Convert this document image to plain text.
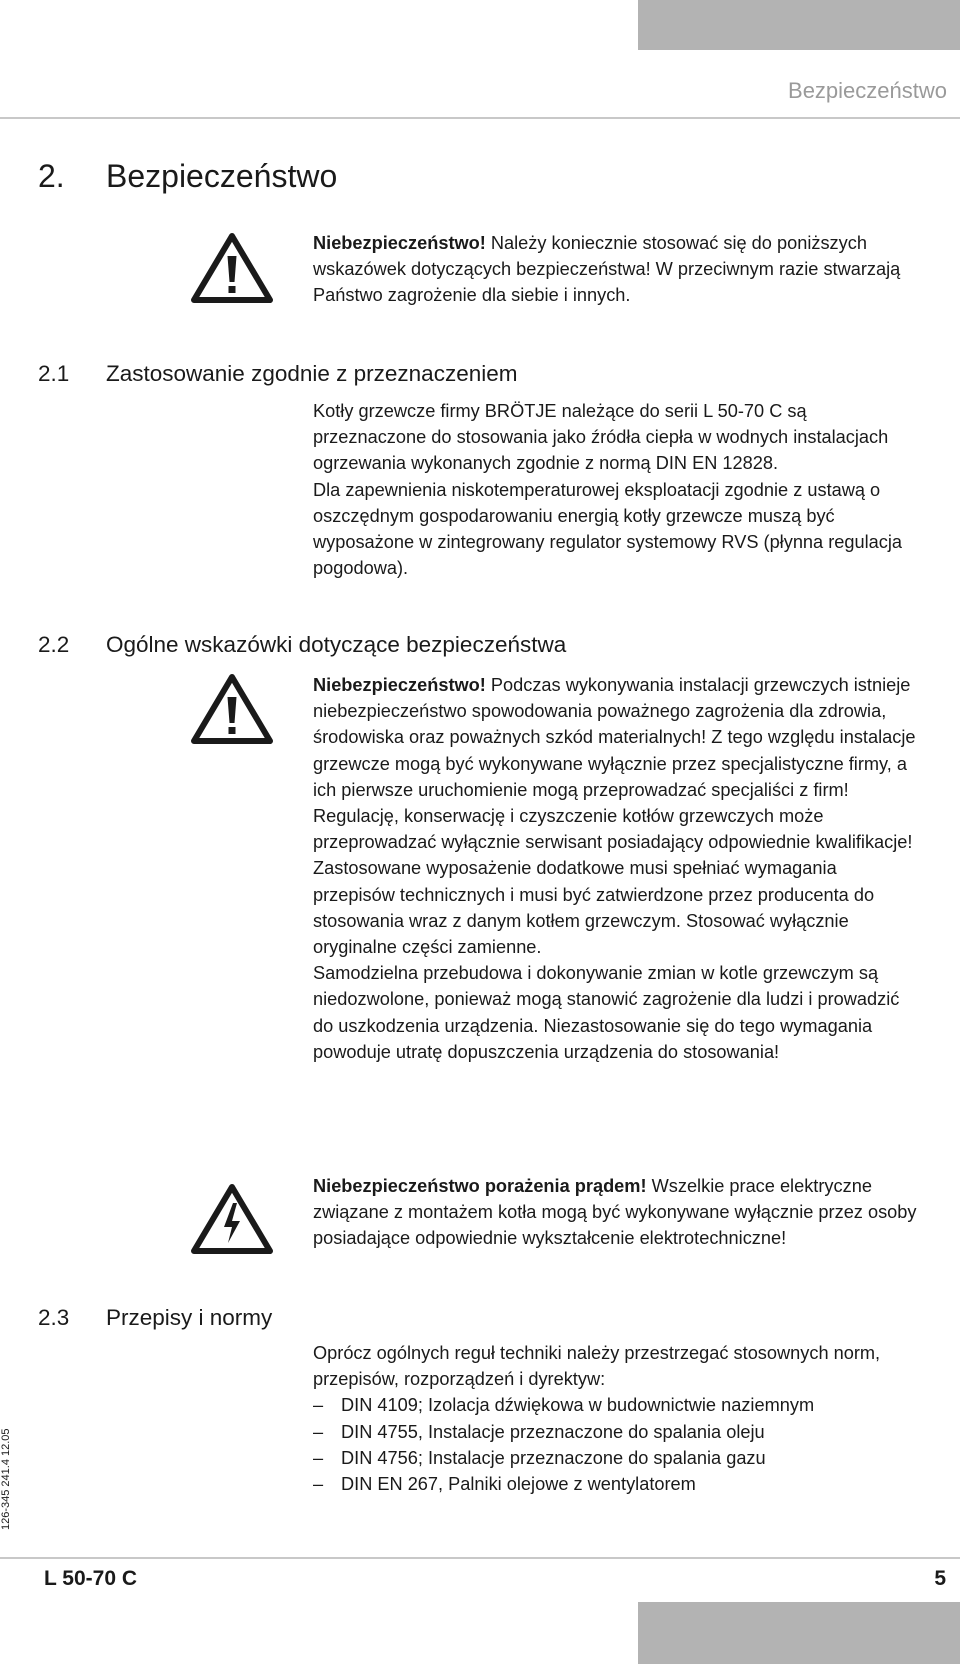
Bezpieczeństwo
2. Bezpieczeństwo

Niebezpieczeństwo! Należy koniecznie stosować się do poniższych wskazówek dotyczących bezpieczeństwa! W przeciwnym razie stwarzają Państwo zagrożenie dla siebie i innych.

2.1 Zastosowanie zgodnie z przeznaczeniem

Kotły grzewcze firmy BRÖTJE należące do serii L 50-70 C są przeznaczone do stosowania jako źródła ciepła w wodnych instalacjach ogrzewania wykonanych zgodnie z normą DIN EN 12828.

Dla zapewnienia niskotemperaturowej eksploatacji zgodnie z ustawą o oszczędnym gospodarowaniu energią kotły grzewcze muszą być wyposażone w zintegrowany regulator systemowy RVS (płynna regulacja pogodowa).

2.2 Ogólne wskazówki dotyczące bezpieczeństwa

Niebezpieczeństwo! Podczas wykonywania instalacji grzewczych istnieje niebezpieczeństwo spowodowania poważnego zagrożenia dla zdrowia, środowiska oraz poważnych szkód materialnych! Z tego względu instalacje grzewcze mogą być wykonywane wyłącznie przez specjalistyczne firmy, a ich pierwsze uruchomienie mogą przeprowadzać specjaliści z firm!

Regulację, konserwację i czyszczenie kotłów grzewczych może przeprowadzać wyłącznie serwisant posiadający odpowiednie kwalifikacje!

Zastosowane wyposażenie dodatkowe musi spełniać wymagania przepisów technicznych i musi być zatwierdzone przez producenta do stosowania wraz z danym kotłem grzewczym. Stosować wyłącznie oryginalne części zamienne.

Samodzielna przebudowa i dokonywanie zmian w kotle grzewczym są niedozwolone, ponieważ mogą stanowić zagrożenie dla ludzi i prowadzić do uszkodzenia urządzenia. Niezastosowanie się do tego wymagania powoduje utratę dopuszczenia urządzenia do stosowania!

Niebezpieczeństwo porażenia prądem! Wszelkie prace elektryczne związane z montażem kotła mogą być wykonywane wyłącznie przez osoby posiadające odpowiednie wykształcenie elektrotechniczne!

2.3 Przepisy i normy

Oprócz ogólnych reguł techniki należy przestrzegać stosownych norm, przepisów, rozporządzeń i dyrektyw:

– DIN 4109; Izolacja dźwiękowa w budownictwie naziemnym
– DIN 4755, Instalacje przeznaczone do spalania oleju
– DIN 4756; Instalacje przeznaczone do spalania gazu
– DIN EN 267, Palniki olejowe z wentylatorem
126-345 241.4 12.05
L 50-70 C	5
